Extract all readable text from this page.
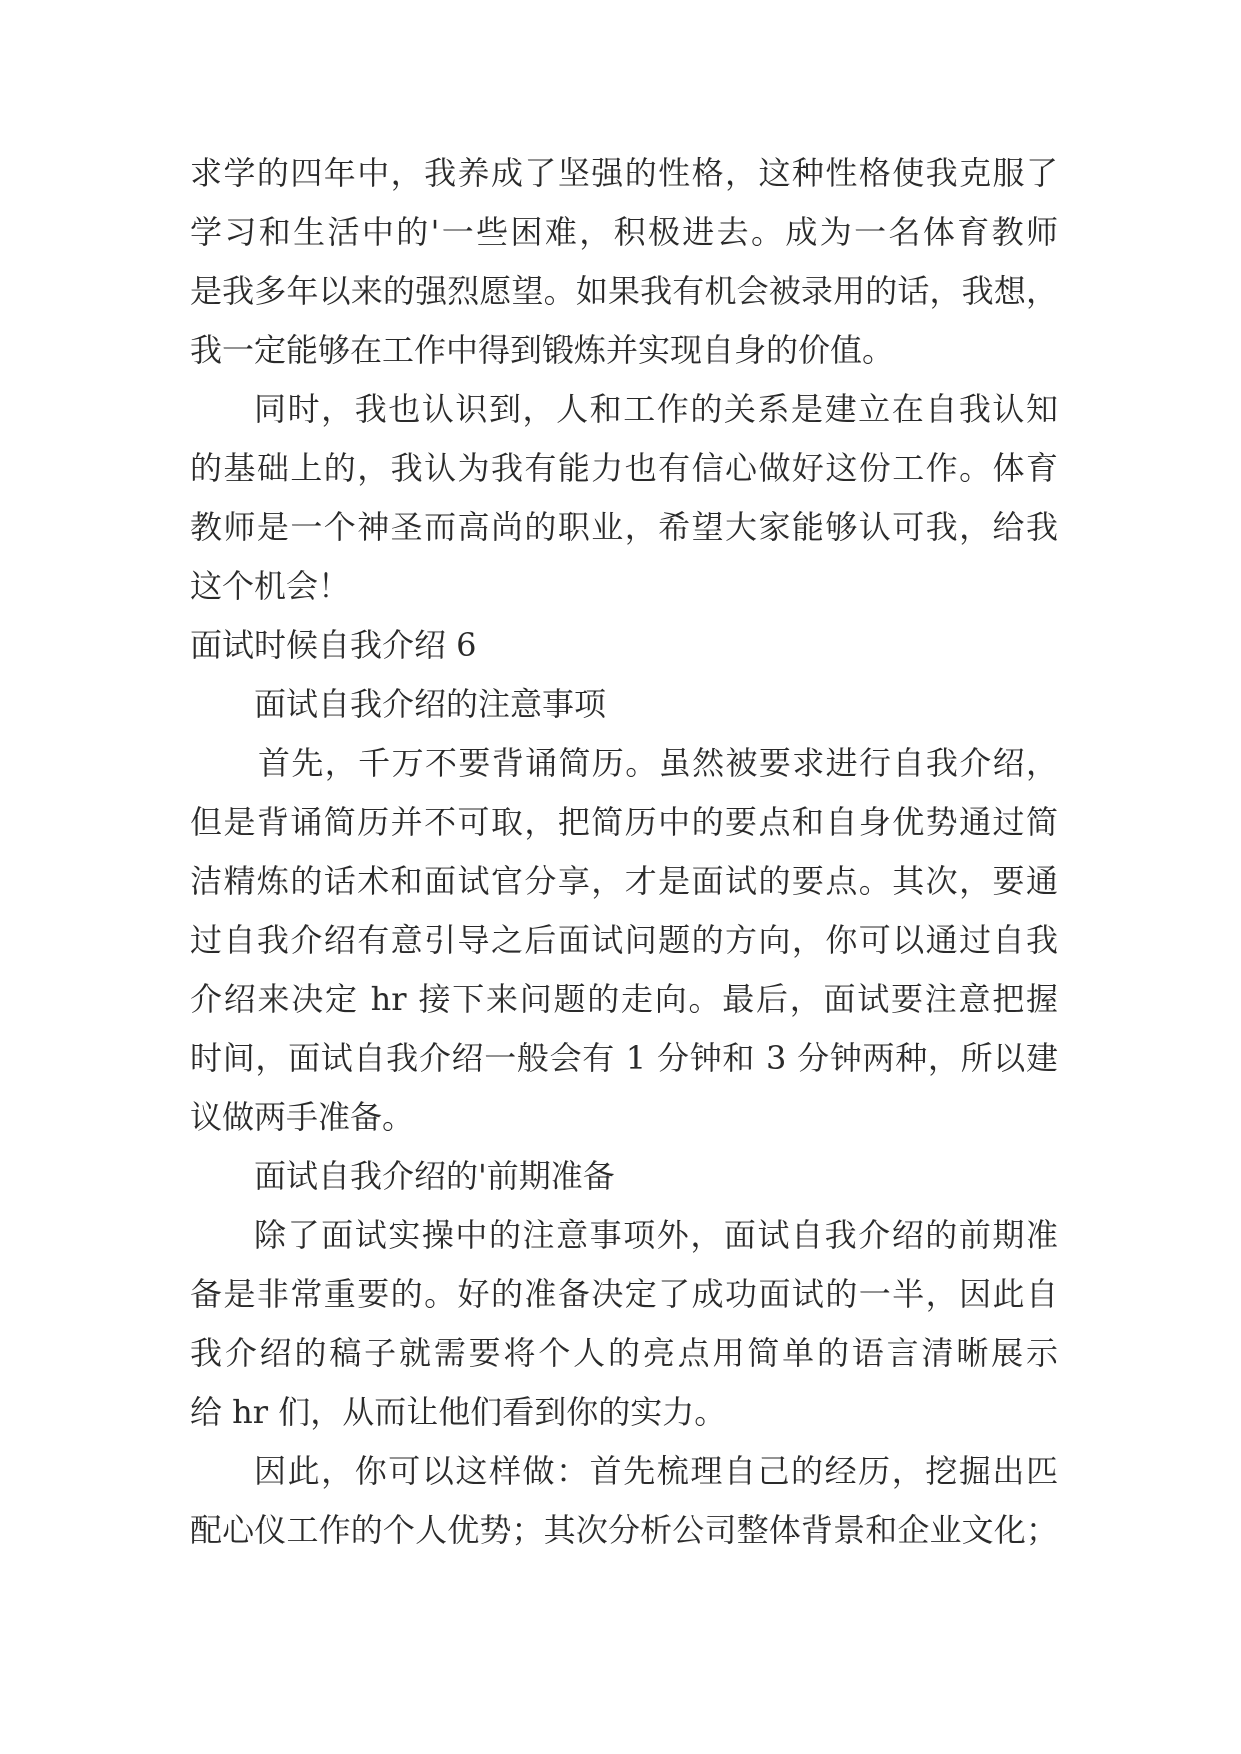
求学的四年中，我养成了坚强的性格，这种性格使我克服了
学习和生活中的'一些困难，积极进去。成为一名体育教师
是我多年以来的强烈愿望。如果我有机会被录用的话，我想，
我一定能够在工作中得到锻炼并实现自身的价值。
同时，我也认识到，人和工作的关系是建立在自我认知
的基础上的，我认为我有能力也有信心做好这份工作。体育
教师是一个神圣而高尚的职业，希望大家能够认可我，给我
这个机会！
面试时候自我介绍 6
面试自我介绍的注意事项
首先，千万不要背诵简历。虽然被要求进行自我介绍，
但是背诵简历并不可取，把简历中的要点和自身优势通过简
洁精炼的话术和面试官分享，才是面试的要点。其次，要通
过自我介绍有意引导之后面试问题的方向，你可以通过自我
介绍来决定 hr 接下来问题的走向。最后，面试要注意把握
时间，面试自我介绍一般会有 1 分钟和 3 分钟两种，所以建
议做两手准备。
面试自我介绍的'前期准备
除了面试实操中的注意事项外，面试自我介绍的前期准
备是非常重要的。好的准备决定了成功面试的一半，因此自
我介绍的稿子就需要将个人的亮点用简单的语言清晰展示
给 hr 们，从而让他们看到你的实力。
因此，你可以这样做：首先梳理自己的经历，挖掘出匹
配心仪工作的个人优势；其次分析公司整体背景和企业文化；
